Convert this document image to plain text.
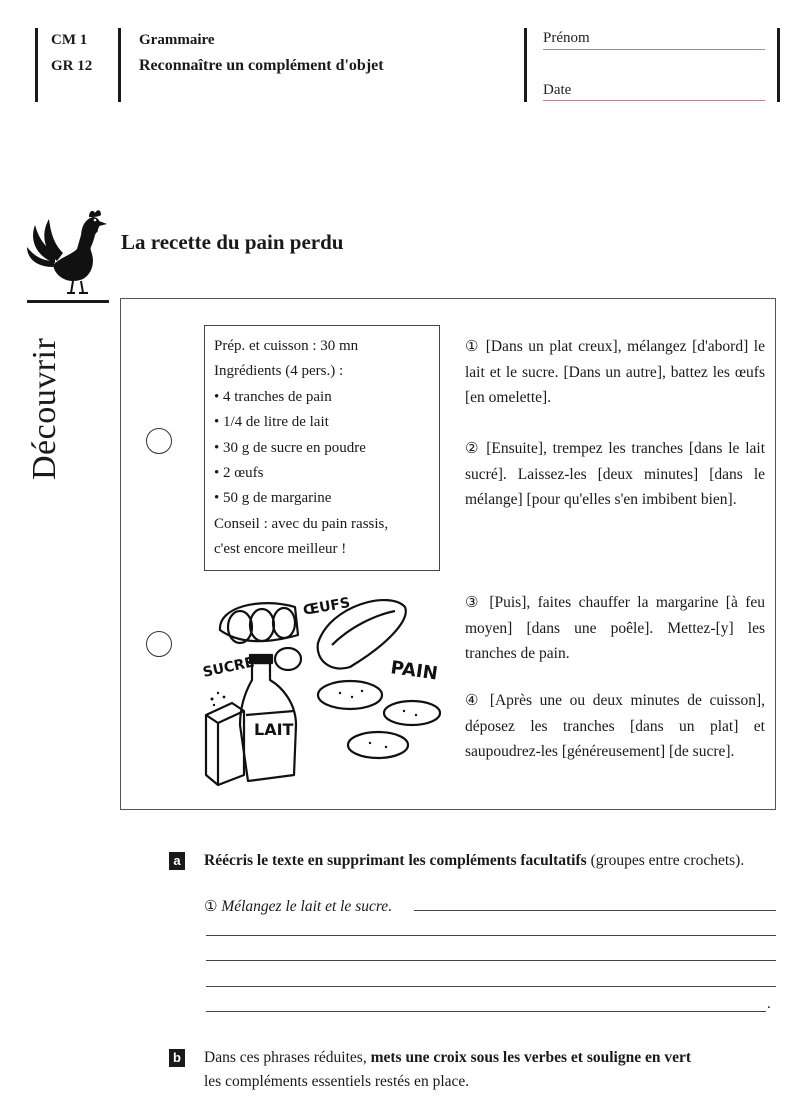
CM 1
GR 12
Grammaire
Reconnaître un complément d'objet
Prénom
Date
Découvrir
La recette du pain perdu
Prép. et cuisson : 30 mn
Ingrédients (4 pers.) :
• 4 tranches de pain
• 1/4 de litre de lait
• 30 g de sucre en poudre
• 2 œufs
• 50 g de margarine
Conseil : avec du pain rassis,
c'est encore meilleur !
ŒUFS
SUCRE
LAIT
PAIN
① [Dans un plat creux], mélangez [d'abord] le lait et le sucre. [Dans un autre], battez les œufs [en omelette].
② [Ensuite], trempez les tranches [dans le lait sucré]. Laissez-les [deux minutes] [dans le mélange] [pour qu'elles s'en imbibent bien].
③ [Puis], faites chauffer la margarine [à feu moyen] [dans une poêle]. Mettez-[y] les tranches de pain.
④ [Après une ou deux minutes de cuisson], déposez les tranches [dans un plat] et saupoudrez-les [généreusement] [de sucre].
a Réécris le texte en supprimant les compléments facultatifs (groupes entre crochets).
① Mélangez le lait et le sucre.
.
b Dans ces phrases réduites, mets une croix sous les verbes et souligne en vert
les compléments essentiels restés en place.
